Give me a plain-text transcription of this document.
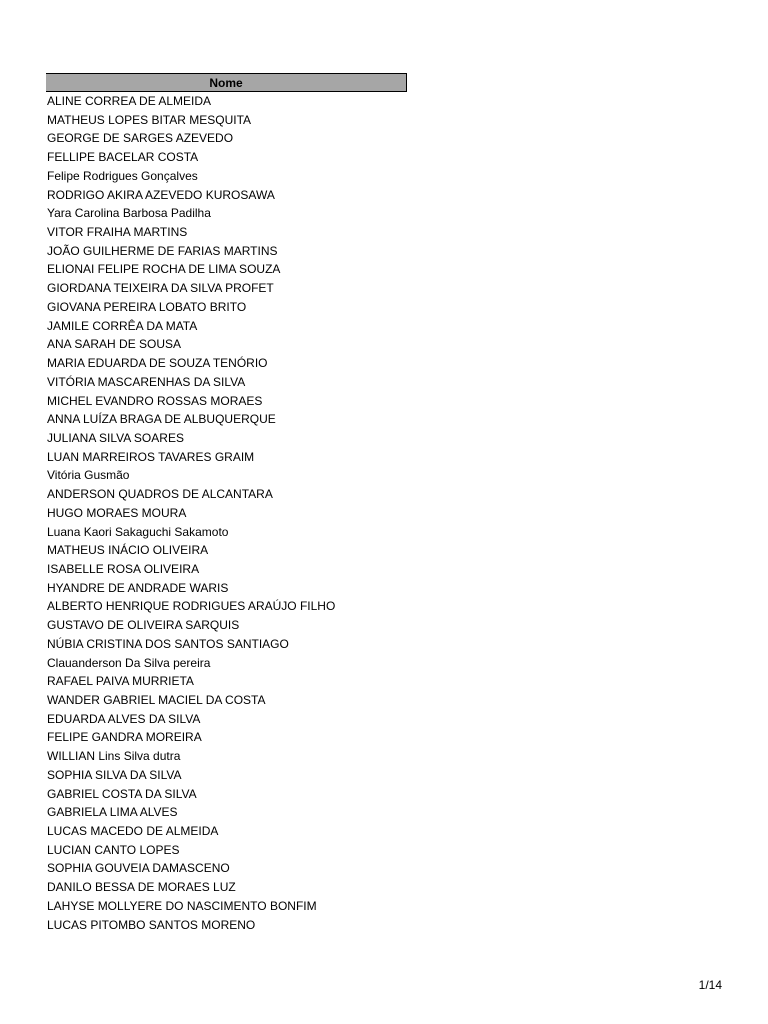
Nome
ALINE CORREA DE ALMEIDA
MATHEUS LOPES BITAR MESQUITA
GEORGE DE SARGES AZEVEDO
FELLIPE BACELAR COSTA
Felipe Rodrigues Gonçalves
RODRIGO AKIRA AZEVEDO KUROSAWA
Yara Carolina Barbosa Padilha
VITOR FRAIHA MARTINS
JOÃO GUILHERME DE FARIAS MARTINS
ELIONAI FELIPE ROCHA DE LIMA SOUZA
GIORDANA TEIXEIRA DA SILVA PROFET
GIOVANA PEREIRA LOBATO BRITO
JAMILE CORRÊA DA MATA
ANA SARAH DE SOUSA
MARIA EDUARDA DE SOUZA TENÓRIO
VITÓRIA MASCARENHAS DA SILVA
MICHEL EVANDRO ROSSAS MORAES
ANNA LUÍZA BRAGA DE ALBUQUERQUE
JULIANA SILVA SOARES
LUAN MARREIROS TAVARES GRAIM
Vitória Gusmão
ANDERSON QUADROS DE ALCANTARA
HUGO MORAES MOURA
Luana Kaori Sakaguchi Sakamoto
MATHEUS INÁCIO OLIVEIRA
ISABELLE ROSA OLIVEIRA
HYANDRE DE ANDRADE WARIS
ALBERTO HENRIQUE RODRIGUES ARAÚJO FILHO
GUSTAVO DE OLIVEIRA SARQUIS
NÚBIA CRISTINA DOS SANTOS SANTIAGO
Clauanderson Da Silva pereira
RAFAEL PAIVA MURRIETA
WANDER GABRIEL MACIEL DA COSTA
EDUARDA ALVES DA SILVA
FELIPE GANDRA MOREIRA
WILLIAN Lins Silva dutra
SOPHIA SILVA DA SILVA
GABRIEL COSTA DA SILVA
GABRIELA LIMA ALVES
LUCAS MACEDO DE ALMEIDA
LUCIAN CANTO LOPES
SOPHIA GOUVEIA DAMASCENO
DANILO BESSA DE MORAES LUZ
LAHYSE MOLLYERE DO NASCIMENTO BONFIM
LUCAS PITOMBO SANTOS MORENO
1/14
